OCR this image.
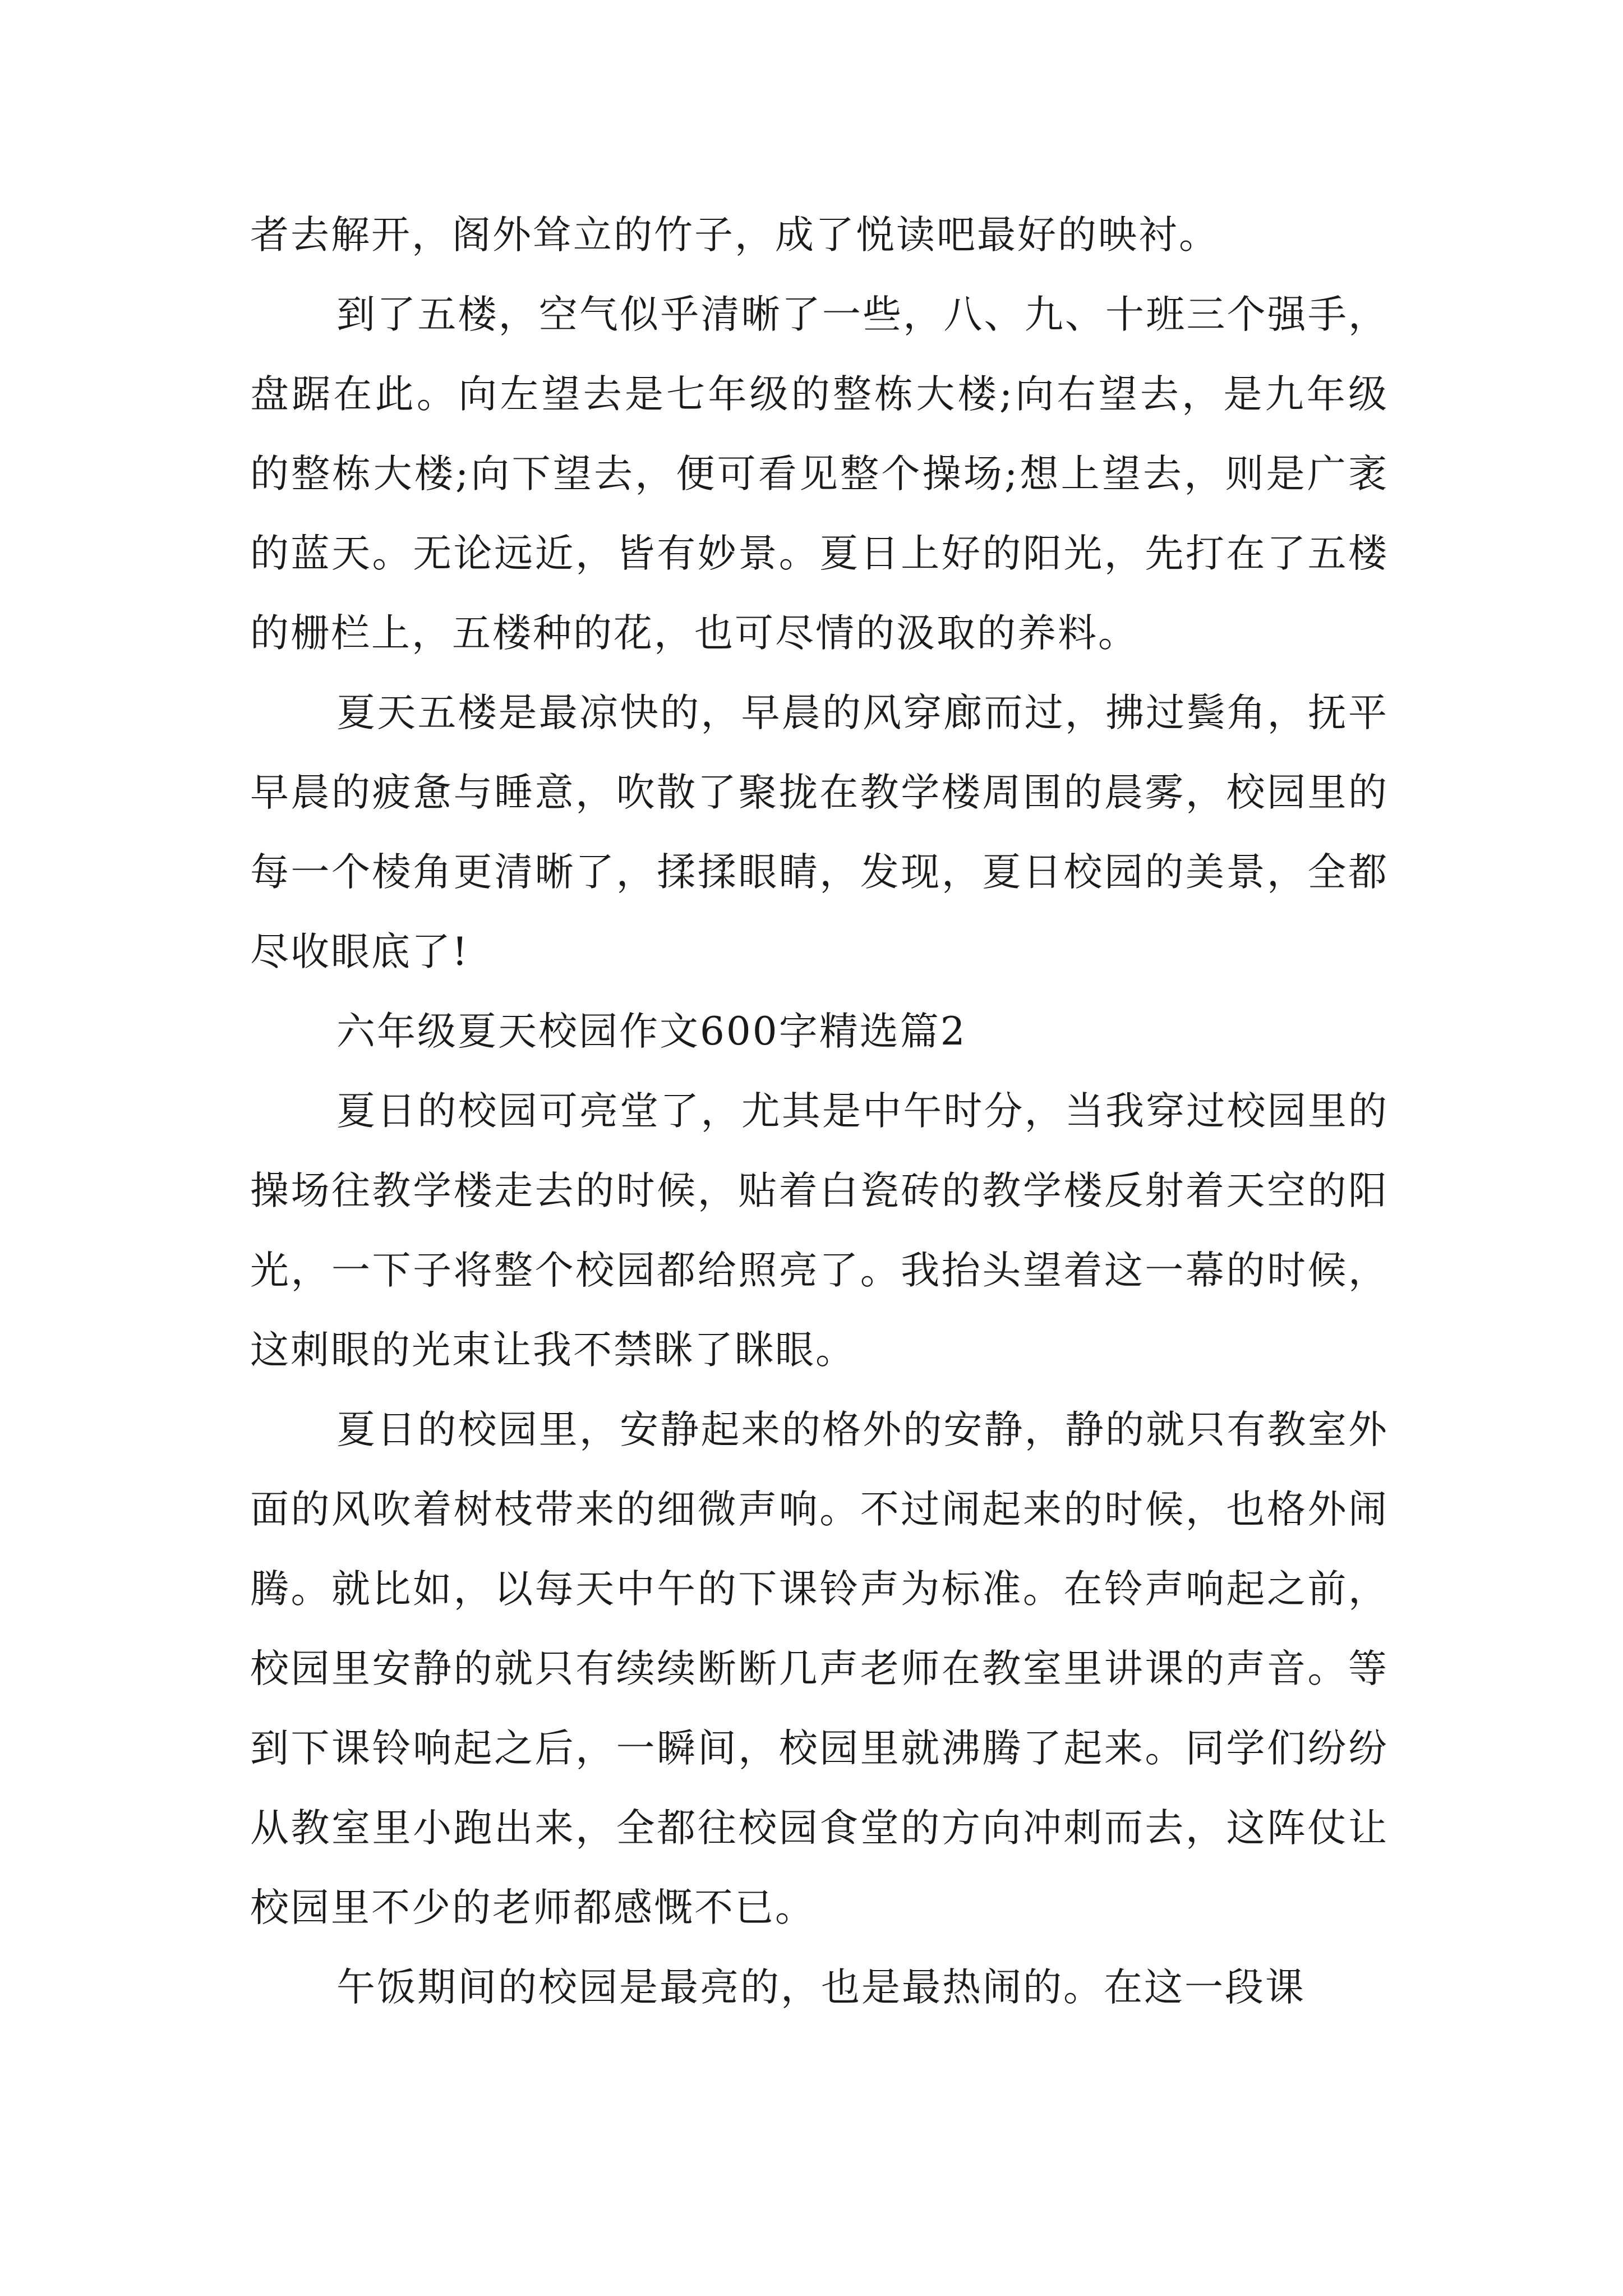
者去解开，阁外耸立的竹子，成了悦读吧最好的映衬。

到了五楼，空气似乎清晰了一些，八、九、十班三个强手，盘踞在此。向左望去是七年级的整栋大楼;向右望去，是九年级的整栋大楼;向下望去，便可看见整个操场;想上望去，则是广袤的蓝天。无论远近，皆有妙景。夏日上好的阳光，先打在了五楼的栅栏上，五楼种的花，也可尽情的汲取的养料。

夏天五楼是最凉快的，早晨的风穿廊而过，拂过鬓角，抚平早晨的疲惫与睡意，吹散了聚拢在教学楼周围的晨雾，校园里的每一个棱角更清晰了，揉揉眼睛，发现，夏日校园的美景，全都尽收眼底了!

六年级夏天校园作文600字精选篇2

夏日的校园可亮堂了，尤其是中午时分，当我穿过校园里的操场往教学楼走去的时候，贴着白瓷砖的教学楼反射着天空的阳光，一下子将整个校园都给照亮了。我抬头望着这一幕的时候，这刺眼的光束让我不禁眯了眯眼。

夏日的校园里，安静起来的格外的安静，静的就只有教室外面的风吹着树枝带来的细微声响。不过闹起来的时候，也格外闹腾。就比如，以每天中午的下课铃声为标准。在铃声响起之前，校园里安静的就只有续续断断几声老师在教室里讲课的声音。等到下课铃响起之后，一瞬间，校园里就沸腾了起来。同学们纷纷从教室里小跑出来，全都往校园食堂的方向冲刺而去，这阵仗让校园里不少的老师都感慨不已。

午饭期间的校园是最亮的，也是最热闹的。在这一段课
